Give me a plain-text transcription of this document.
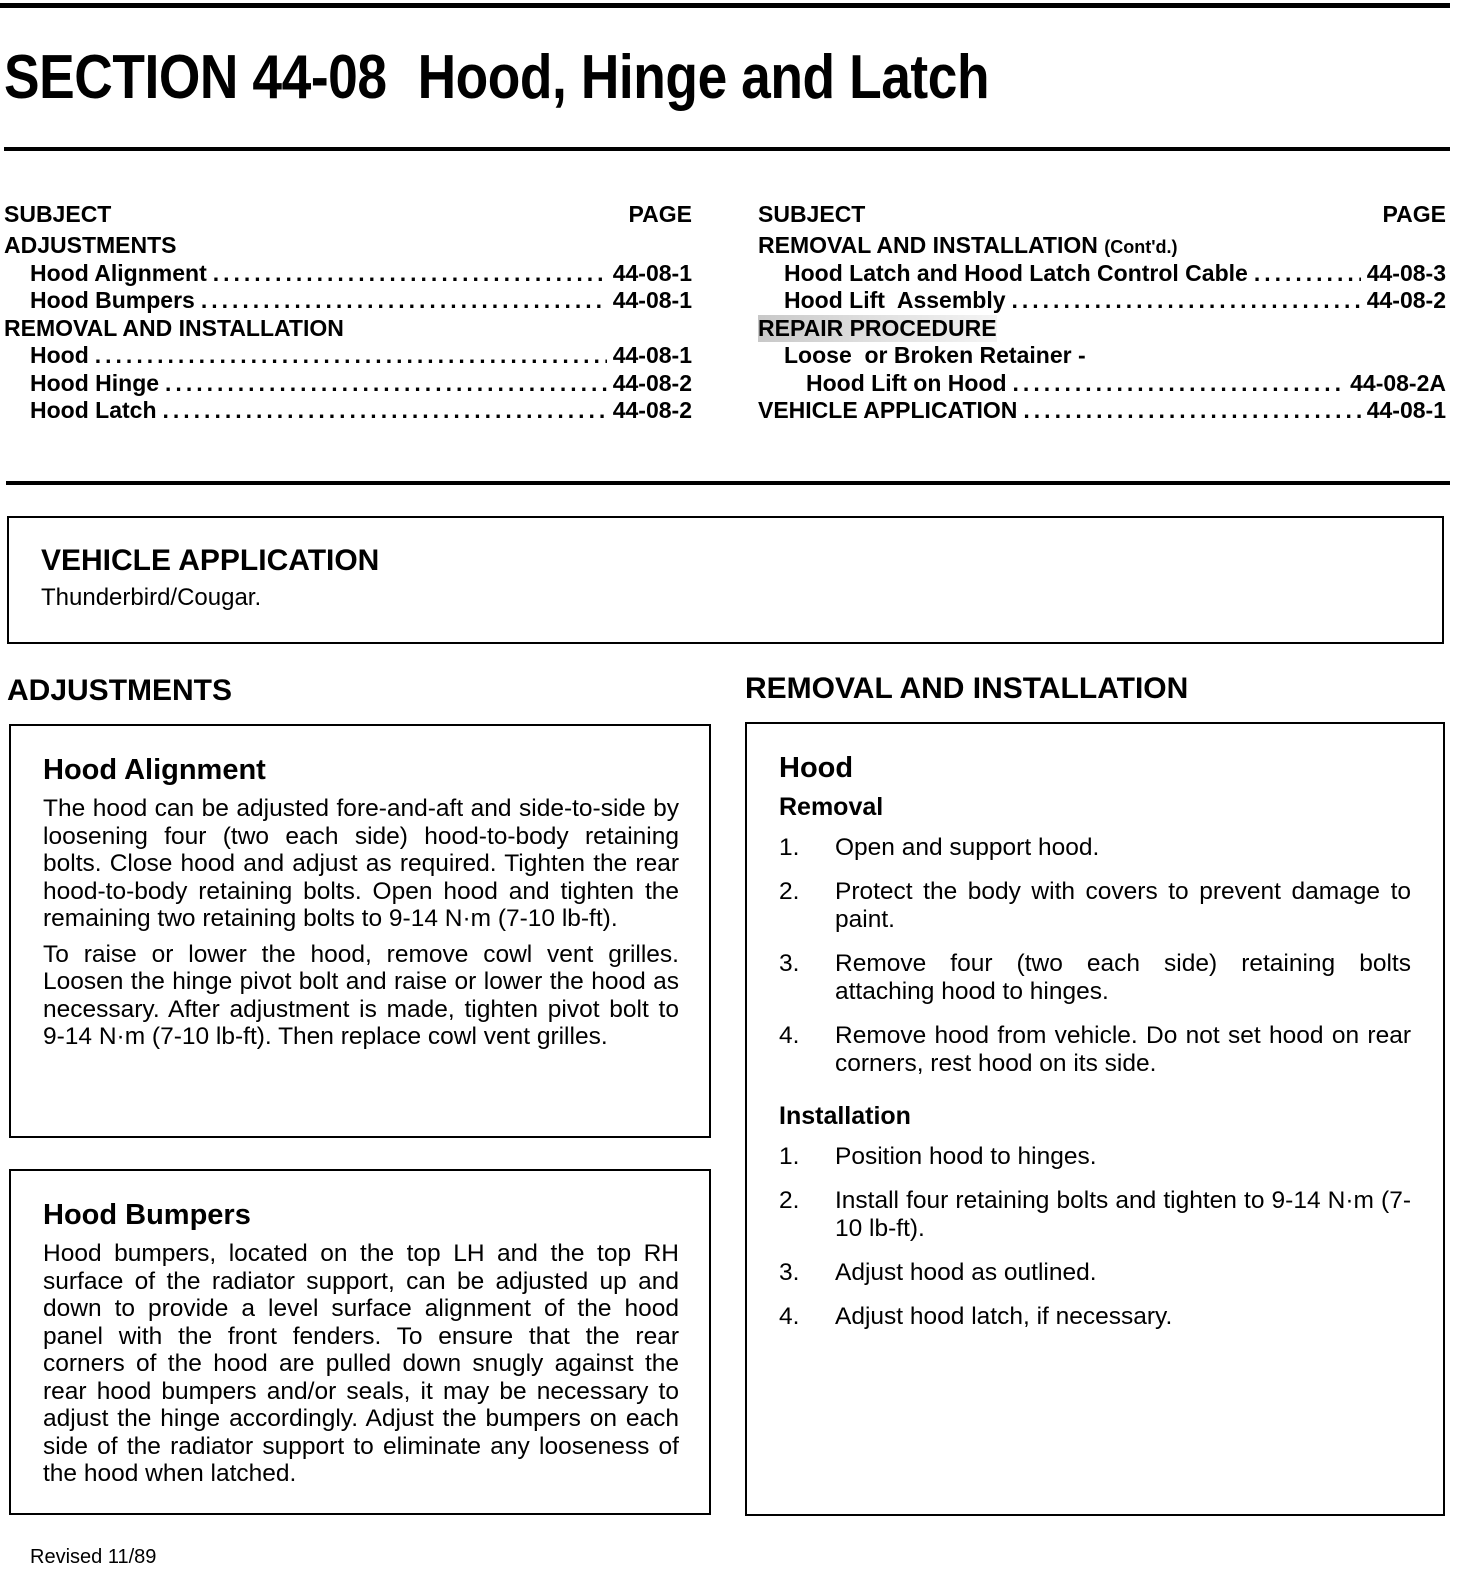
SECTION 44-08 Hood, Hinge and Latch
SUBJECT	PAGE
ADJUSTMENTS
Hood Alignment .....	44-08-1
Hood Bumpers .....	44-08-1
REMOVAL AND INSTALLATION
Hood .....	44-08-1
Hood Hinge .....	44-08-2
Hood Latch .....	44-08-2
SUBJECT	PAGE
REMOVAL AND INSTALLATION (Cont'd.)
Hood Latch and Hood Latch Control Cable .....	44-08-3
Hood Lift  Assembly .....	44-08-2
REPAIR PROCEDURE
Loose  or Broken Retainer -
Hood Lift on Hood .....	44-08-2A
VEHICLE APPLICATION .....	44-08-1
VEHICLE APPLICATION

Thunderbird/Cougar.

ADJUSTMENTS	REMOVAL AND INSTALLATION
Hood Alignment

The hood can be adjusted fore-and-aft and side-to-side by loosening four (two each side) hood-to-body retaining bolts. Close hood and adjust as required. Tighten the rear hood-to-body retaining bolts. Open hood and tighten the remaining two retaining bolts to 9-14 N·m (7-10 lb-ft).

To raise or lower the hood, remove cowl vent grilles. Loosen the hinge pivot bolt and raise or lower the hood as necessary. After adjustment is made, tighten pivot bolt to 9-14 N·m (7-10 lb-ft). Then replace cowl vent grilles.

Hood Bumpers

Hood bumpers, located on the top LH and the top RH surface of the radiator support, can be adjusted up and down to provide a level surface alignment of the hood panel with the front fenders. To ensure that the rear corners of the hood are pulled down snugly against the rear hood bumpers and/or seals, it may be necessary to adjust the hinge accordingly. Adjust the bumpers on each side of the radiator support to eliminate any looseness of the hood when latched.

Hood
Removal
1.	Open and support hood.
2.	Protect the body with covers to prevent damage to paint.
3.	Remove four (two each side) retaining bolts attaching hood to hinges.
4.	Remove hood from vehicle. Do not set hood on rear corners, rest hood on its side.
Installation
1.	Position hood to hinges.
2.	Install four retaining bolts and tighten to 9-14 N·m (7-10 lb-ft).
3.	Adjust hood as outlined.
4.	Adjust hood latch, if necessary.
Revised 11/89
